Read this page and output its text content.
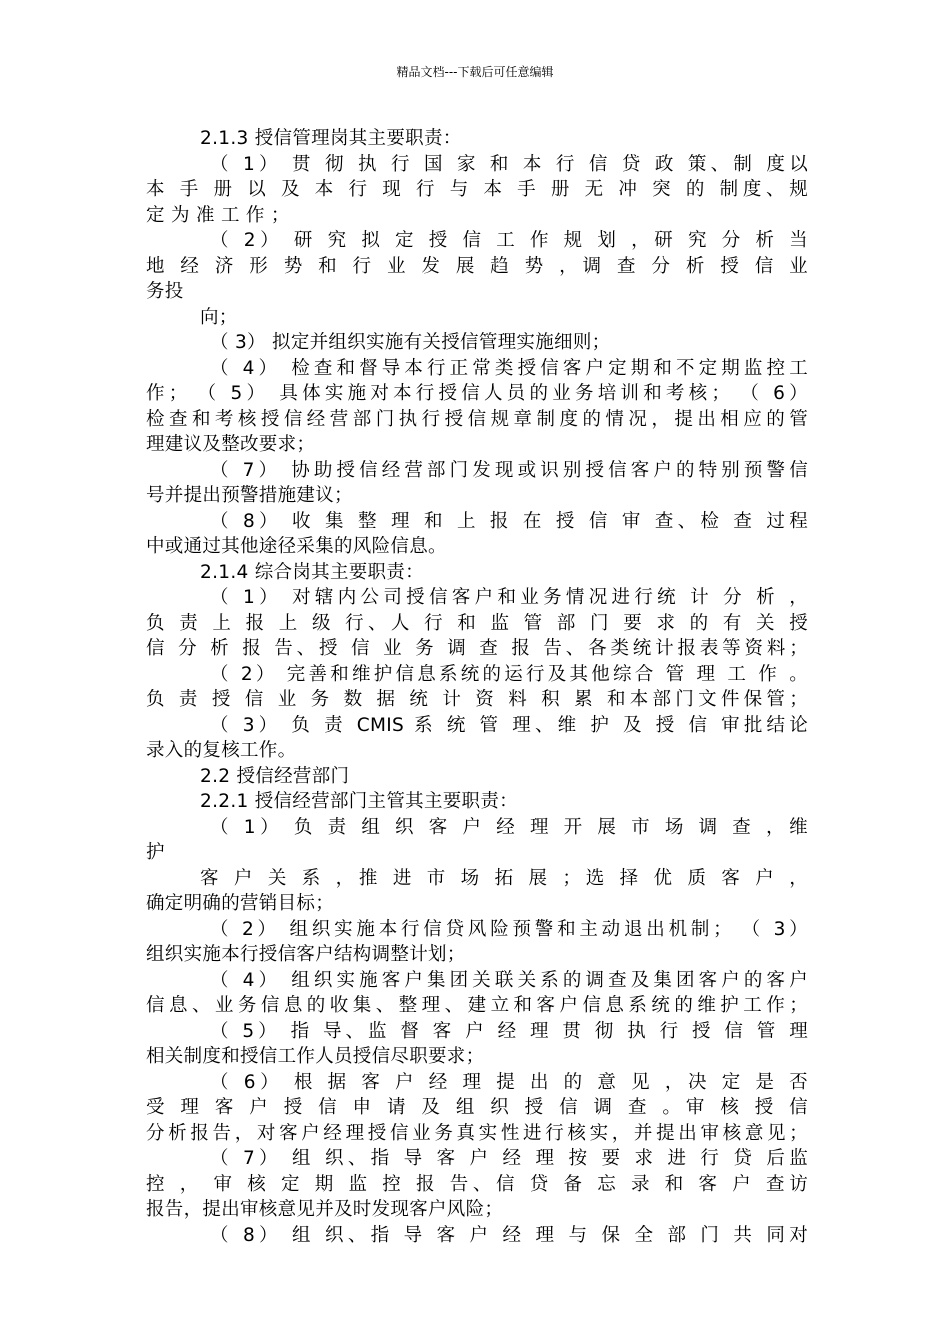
精品文档---下载后可任意编辑
2.1.3 授信管理岗其主要职责：
（ 1） 贯 彻 执 行 国 家 和 本 行 信 贷 政 策、制 度以
本 手 册 以 及 本 行 现 行 与 本 手 册 无 冲 突 的 制度、规
定 为 准 工 作 ；
（ 2） 研 究 拟 定 授 信 工 作 规 划 ，研 究 分 析 当
地 经 济 形 势 和 行 业 发 展 趋 势 ，调 查 分 析 授 信 业
务投
向；
（ 3） 拟定并组织实施有关授信管理实施细则；
（ 4） 检查和督导本行正常类授信客户定期和不定期监控工
作； （ 5） 具体实施对本行授信人员的业务培训和考核； （ 6）
检查和考核授信经营部门执行授信规章制度的情况，提出相应的管
理建议及整改要求；
（ 7） 协助授信经营部门发现或识别授信客户的特别预警信
号并提出预警措施建议；
（ 8） 收 集 整 理 和 上 报 在 授 信 审 查、检 查 过程
中或通过其他途径采集的风险信息。
2.1.4 综合岗其主要职责：
（ 1） 对辖内公司授信客户和业务情况进行统 计 分 析 ，
负 责 上 报 上 级 行、人 行 和 监 管 部 门 要 求 的 有 关 授
信 分 析 报 告、授 信 业 务 调 查 报 告、各类统计报表等资料；
（ 2） 完善和维护信息系统的运行及其他综合 管 理 工 作 。
负 责 授 信 业 务 数 据 统 计 资 料 积 累 和本部门文件保管；
（ 3） 负 责 CMIS 系 统 管 理、维 护 及 授 信 审批结论
录入的复核工作。
2.2 授信经营部门
2.2.1 授信经营部门主管其主要职责：
（ 1） 负 责 组 织 客 户 经 理 开 展 市 场 调 查 ，维
护
客 户 关 系 ，推 进 市 场 拓 展 ；选 择 优 质 客 户 ，
确定明确的营销目标；
（ 2） 组织实施本行信贷风险预警和主动退出机制； （ 3）
组织实施本行授信客户结构调整计划；
（ 4） 组织实施客户集团关联关系的调查及集团客户的客户
信息、业务信息的收集、整理、建立和客户信息系统的维护工作；
（ 5） 指 导、监 督 客 户 经 理 贯 彻 执 行 授 信 管 理
相关制度和授信工作人员授信尽职要求；
（ 6） 根 据 客 户 经 理 提 出 的 意 见 ，决 定 是 否
受 理 客 户 授 信 申 请 及 组 织 授 信 调 查 。审 核 授 信
分析报告，对客户经理授信业务真实性进行核实，并提出审核意见；
（ 7） 组 织、指 导 客 户 经 理 按 要 求 进 行 贷 后监
控 ， 审 核 定 期 监 控 报 告、信 贷 备 忘 录 和 客 户 查访
报告，提出审核意见并及时发现客户风险；
（ 8） 组 织、指 导 客 户 经 理 与 保 全 部 门 共 同对
